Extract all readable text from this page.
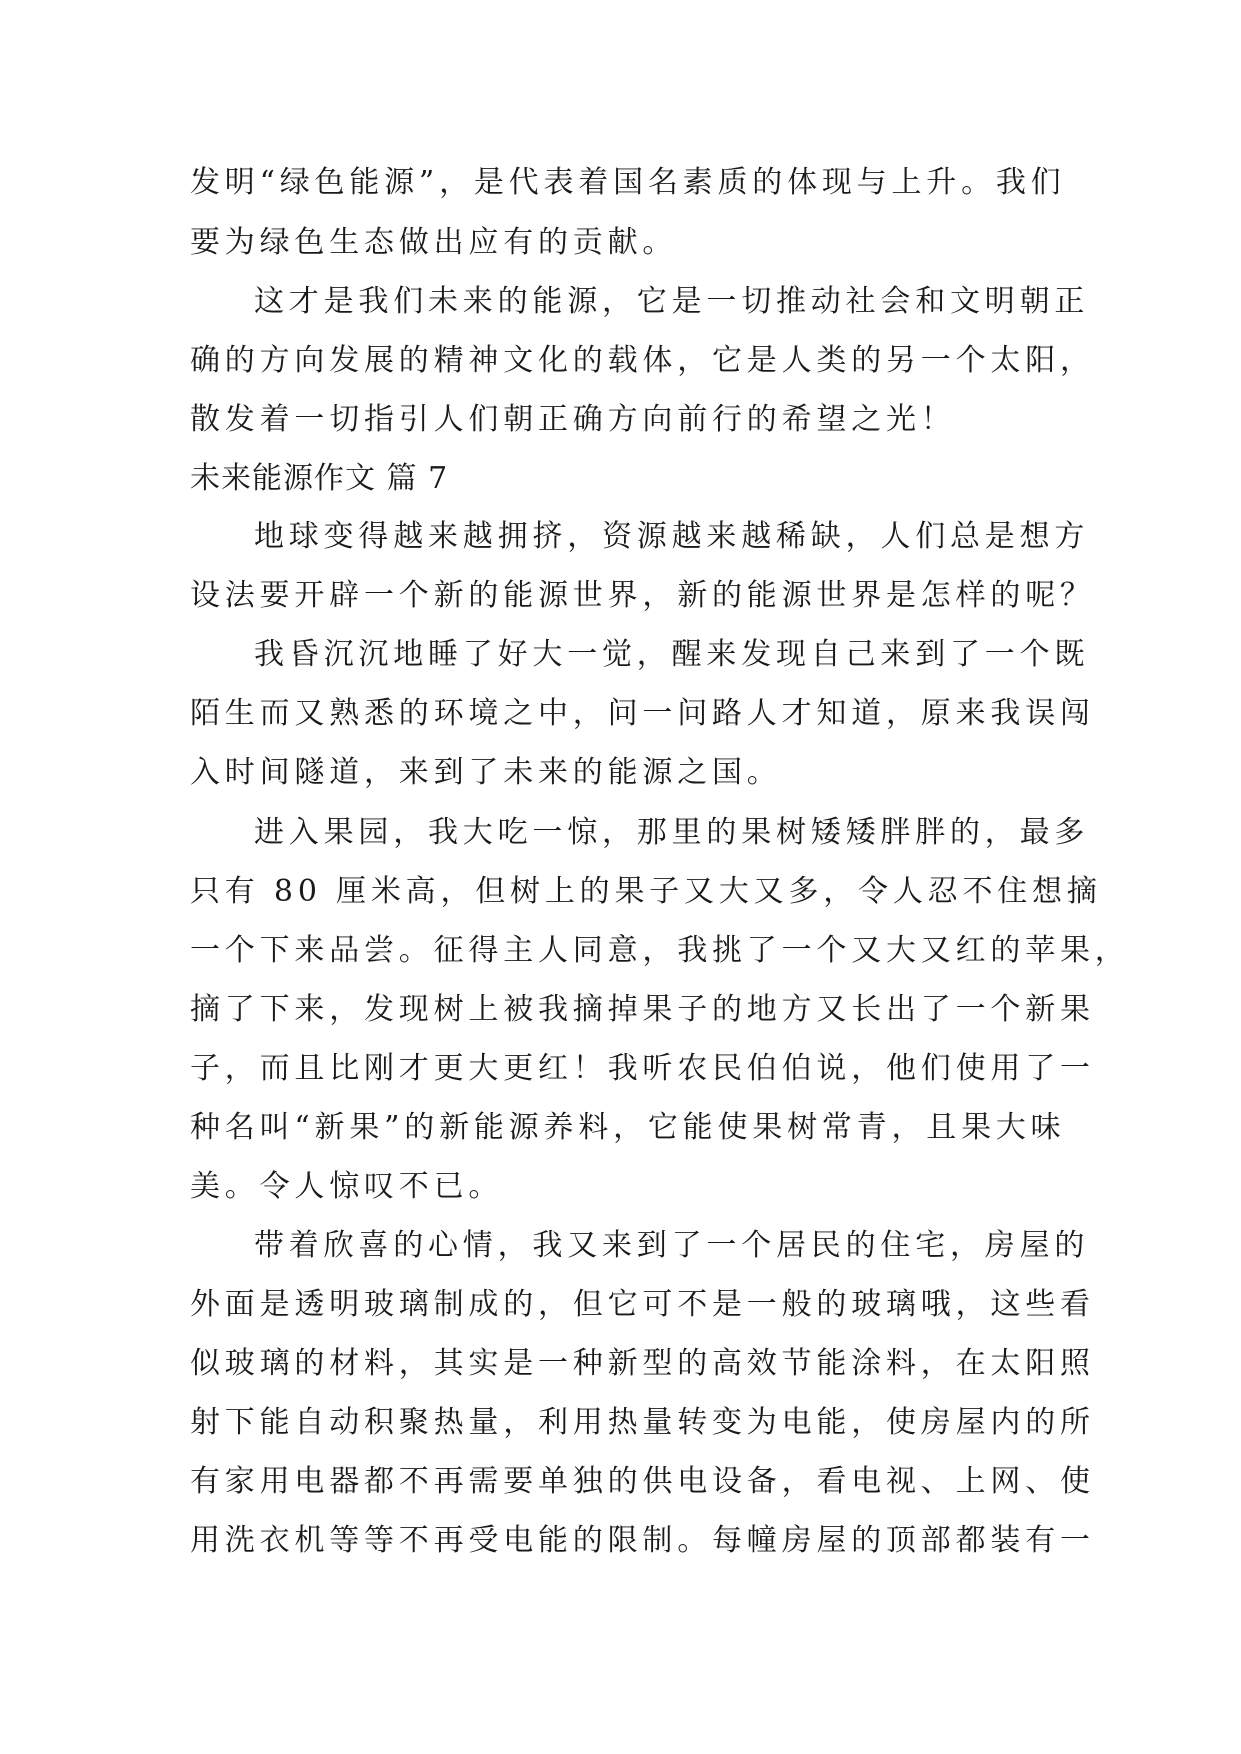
发明“绿色能源”，是代表着国名素质的体现与上升。我们
要为绿色生态做出应有的贡献。
这才是我们未来的能源，它是一切推动社会和文明朝正
确的方向发展的精神文化的载体，它是人类的另一个太阳，
散发着一切指引人们朝正确方向前行的希望之光！
未来能源作文 篇 7
地球变得越来越拥挤，资源越来越稀缺，人们总是想方
设法要开辟一个新的能源世界，新的能源世界是怎样的呢？
我昏沉沉地睡了好大一觉，醒来发现自己来到了一个既
陌生而又熟悉的环境之中，问一问路人才知道，原来我误闯
入时间隧道，来到了未来的能源之国。
进入果园，我大吃一惊，那里的果树矮矮胖胖的，最多
只有 80 厘米高，但树上的果子又大又多，令人忍不住想摘
一个下来品尝。征得主人同意，我挑了一个又大又红的苹果，
摘了下来，发现树上被我摘掉果子的地方又长出了一个新果
子，而且比刚才更大更红！我听农民伯伯说，他们使用了一
种名叫“新果”的新能源养料，它能使果树常青，且果大味
美。令人惊叹不已。
带着欣喜的心情，我又来到了一个居民的住宅，房屋的
外面是透明玻璃制成的，但它可不是一般的玻璃哦，这些看
似玻璃的材料，其实是一种新型的高效节能涂料，在太阳照
射下能自动积聚热量，利用热量转变为电能，使房屋内的所
有家用电器都不再需要单独的供电设备，看电视、上网、使
用洗衣机等等不再受电能的限制。每幢房屋的顶部都装有一
